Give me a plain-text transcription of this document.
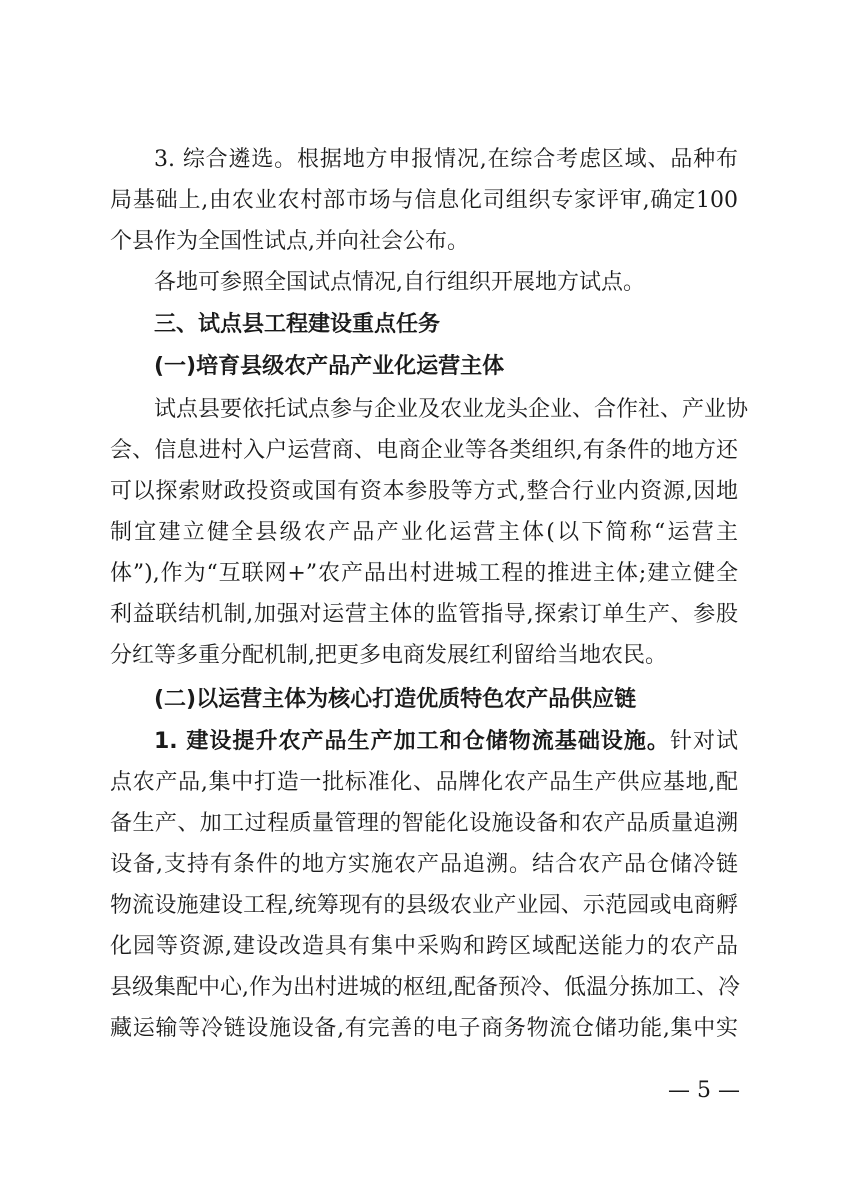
3. 综合遴选。根据地方申报情况,在综合考虑区域、品种布
局基础上,由农业农村部市场与信息化司组织专家评审,确定100
个县作为全国性试点,并向社会公布。
各地可参照全国试点情况,自行组织开展地方试点。
三、试点县工程建设重点任务
(一)培育县级农产品产业化运营主体
试点县要依托试点参与企业及农业龙头企业、合作社、产业协
会、信息进村入户运营商、电商企业等各类组织,有条件的地方还
可以探索财政投资或国有资本参股等方式,整合行业内资源,因地
制宜建立健全县级农产品产业化运营主体(以下简称“运营主
体”),作为“互联网+”农产品出村进城工程的推进主体;建立健全
利益联结机制,加强对运营主体的监管指导,探索订单生产、参股
分红等多重分配机制,把更多电商发展红利留给当地农民。
(二)以运营主体为核心打造优质特色农产品供应链
1. 建设提升农产品生产加工和仓储物流基础设施。针对试
点农产品,集中打造一批标准化、品牌化农产品生产供应基地,配
备生产、加工过程质量管理的智能化设施设备和农产品质量追溯
设备,支持有条件的地方实施农产品追溯。结合农产品仓储冷链
物流设施建设工程,统筹现有的县级农业产业园、示范园或电商孵
化园等资源,建设改造具有集中采购和跨区域配送能力的农产品
县级集配中心,作为出村进城的枢纽,配备预冷、低温分拣加工、冷
藏运输等冷链设施设备,有完善的电子商务物流仓储功能,集中实
— 5 —
